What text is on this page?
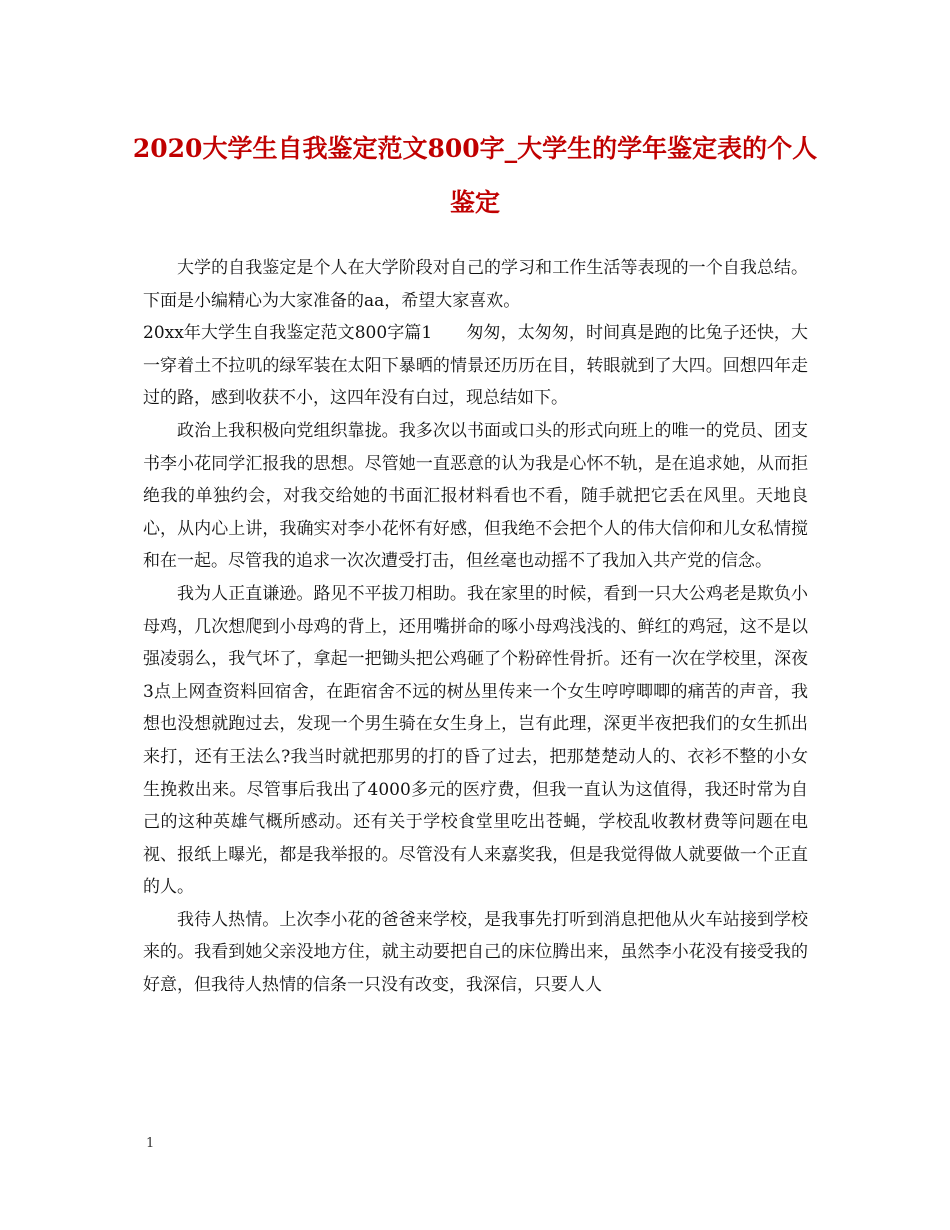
2020大学生自我鉴定范文800字_大学生的学年鉴定表的个人鉴定

大学的自我鉴定是个人在大学阶段对自己的学习和工作生活等表现的一个自我总结。下面是小编精心为大家准备的aa，希望大家喜欢。

20xx年大学生自我鉴定范文800字篇1　　匆匆，太匆匆，时间真是跑的比兔子还快，大一穿着土不拉叽的绿军装在太阳下暴晒的情景还历历在目，转眼就到了大四。回想四年走过的路，感到收获不小，这四年没有白过，现总结如下。

政治上我积极向党组织靠拢。我多次以书面或口头的形式向班上的唯一的党员、团支书李小花同学汇报我的思想。尽管她一直恶意的认为我是心怀不轨，是在追求她，从而拒绝我的单独约会，对我交给她的书面汇报材料看也不看，随手就把它丢在风里。天地良心，从内心上讲，我确实对李小花怀有好感，但我绝不会把个人的伟大信仰和儿女私情搅和在一起。尽管我的追求一次次遭受打击，但丝毫也动摇不了我加入共产党的信念。

我为人正直谦逊。路见不平拔刀相助。我在家里的时候，看到一只大公鸡老是欺负小母鸡，几次想爬到小母鸡的背上，还用嘴拼命的啄小母鸡浅浅的、鲜红的鸡冠，这不是以强凌弱么，我气坏了，拿起一把锄头把公鸡砸了个粉碎性骨折。还有一次在学校里，深夜3点上网查资料回宿舍，在距宿舍不远的树丛里传来一个女生哼哼唧唧的痛苦的声音，我想也没想就跑过去，发现一个男生骑在女生身上，岂有此理，深更半夜把我们的女生抓出来打，还有王法么?我当时就把那男的打的昏了过去，把那楚楚动人的、衣衫不整的小女生挽救出来。尽管事后我出了4000多元的医疗费，但我一直认为这值得，我还时常为自己的这种英雄气概所感动。还有关于学校食堂里吃出苍蝇，学校乱收教材费等问题在电视、报纸上曝光，都是我举报的。尽管没有人来嘉奖我，但是我觉得做人就要做一个正直的人。

我待人热情。上次李小花的爸爸来学校，是我事先打听到消息把他从火车站接到学校来的。我看到她父亲没地方住，就主动要把自己的床位腾出来，虽然李小花没有接受我的好意，但我待人热情的信条一只没有改变，我深信，只要人人

1
